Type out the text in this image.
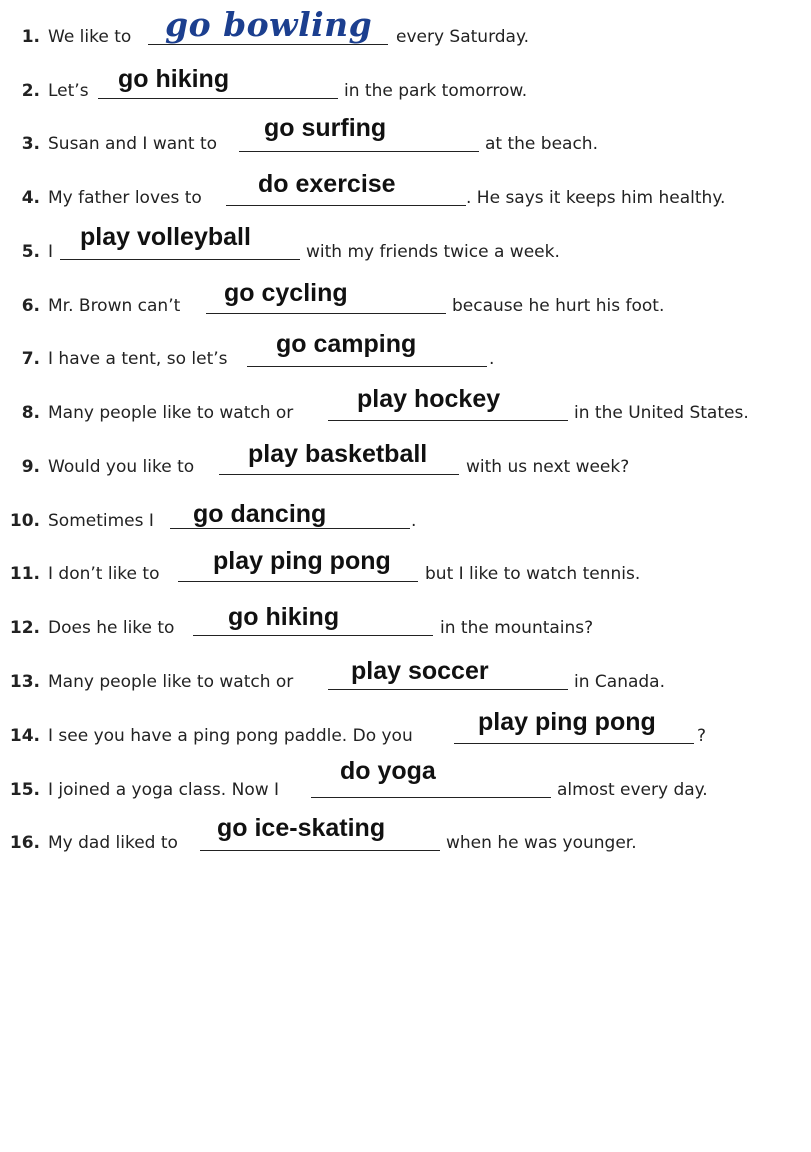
1. We like to go bowling every Saturday.
2. Let’s go hiking	in the park tomorrow.
3. Susan and I want to
go surfing
at the beach.
4. My father loves to do exercise	. He says it keeps him healthy.
5. I
play volleyball
with my friends twice a week.
6. Mr. Brown can’t go cycling	because he hurt his foot.
7. I have a tent, so let’s
go camping
.
8. Many people like to watch or	play hockey	in the United States.
9. Would you like to play basketball with us next week?
10. Sometimes I go dancing	.
11. I don’t like to play ping pong but I like to watch tennis.
12. Does he like to go hiking	in the mountains?
13. Many people like to watch or play soccer	in Canada.
14. I see you have a ping pong paddle. Do you	play ping pong ?
15. I joined a yoga class. Now I
do yoga
almost every day.
16. My dad liked to
go ice-skating
when he was younger.
